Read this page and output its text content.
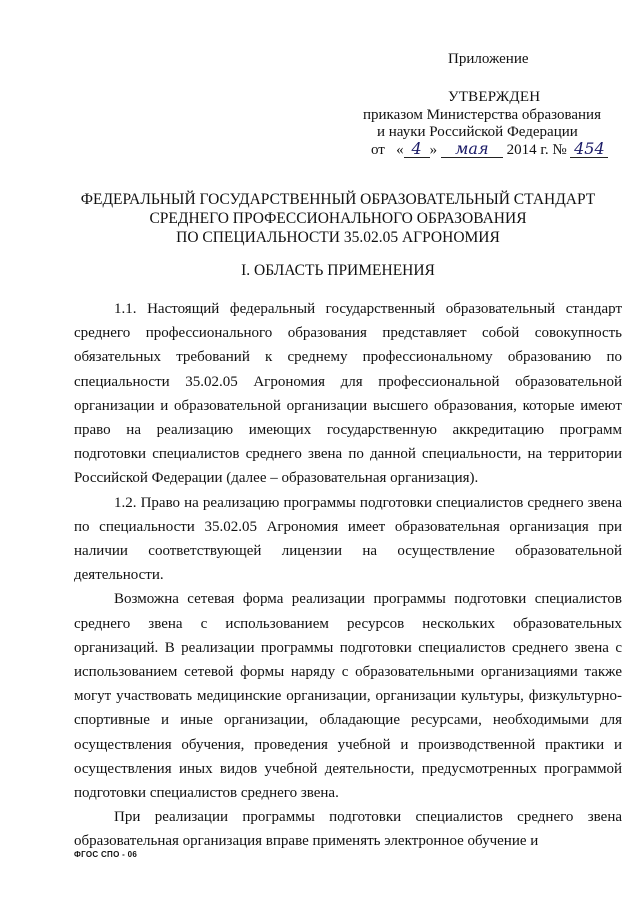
Приложение
УТВЕРЖДЕН
приказом Министерства образования
и науки Российской Федерации
от « 4 » мая 2014 г. № 454
ФЕДЕРАЛЬНЫЙ ГОСУДАРСТВЕННЫЙ ОБРАЗОВАТЕЛЬНЫЙ СТАНДАРТ
СРЕДНЕГО ПРОФЕССИОНАЛЬНОГО ОБРАЗОВАНИЯ
ПО СПЕЦИАЛЬНОСТИ 35.02.05 АГРОНОМИЯ
I. ОБЛАСТЬ ПРИМЕНЕНИЯ

1.1. Настоящий федеральный государственный образовательный стандарт среднего профессионального образования представляет собой совокупность обязательных требований к среднему профессиональному образованию по специальности 35.02.05 Агрономия для профессиональной образовательной организации и образовательной организации высшего образования, которые имеют право на реализацию имеющих государственную аккредитацию программ подготовки специалистов среднего звена по данной специальности, на территории Российской Федерации (далее – образовательная организация).

1.2. Право на реализацию программы подготовки специалистов среднего звена по специальности 35.02.05 Агрономия имеет образовательная организация при наличии соответствующей лицензии на осуществление образовательной деятельности.

Возможна сетевая форма реализации программы подготовки специалистов среднего звена с использованием ресурсов нескольких образовательных организаций. В реализации программы подготовки специалистов среднего звена с использованием сетевой формы наряду с образовательными организациями также могут участвовать медицинские организации, организации культуры, физкультурно-спортивные и иные организации, обладающие ресурсами, необходимыми для осуществления обучения, проведения учебной и производственной практики и осуществления иных видов учебной деятельности, предусмотренных программой подготовки специалистов среднего звена.

При реализации программы подготовки специалистов среднего звена образовательная организация вправе применять электронное обучение и

ФГОС СПО - 06
